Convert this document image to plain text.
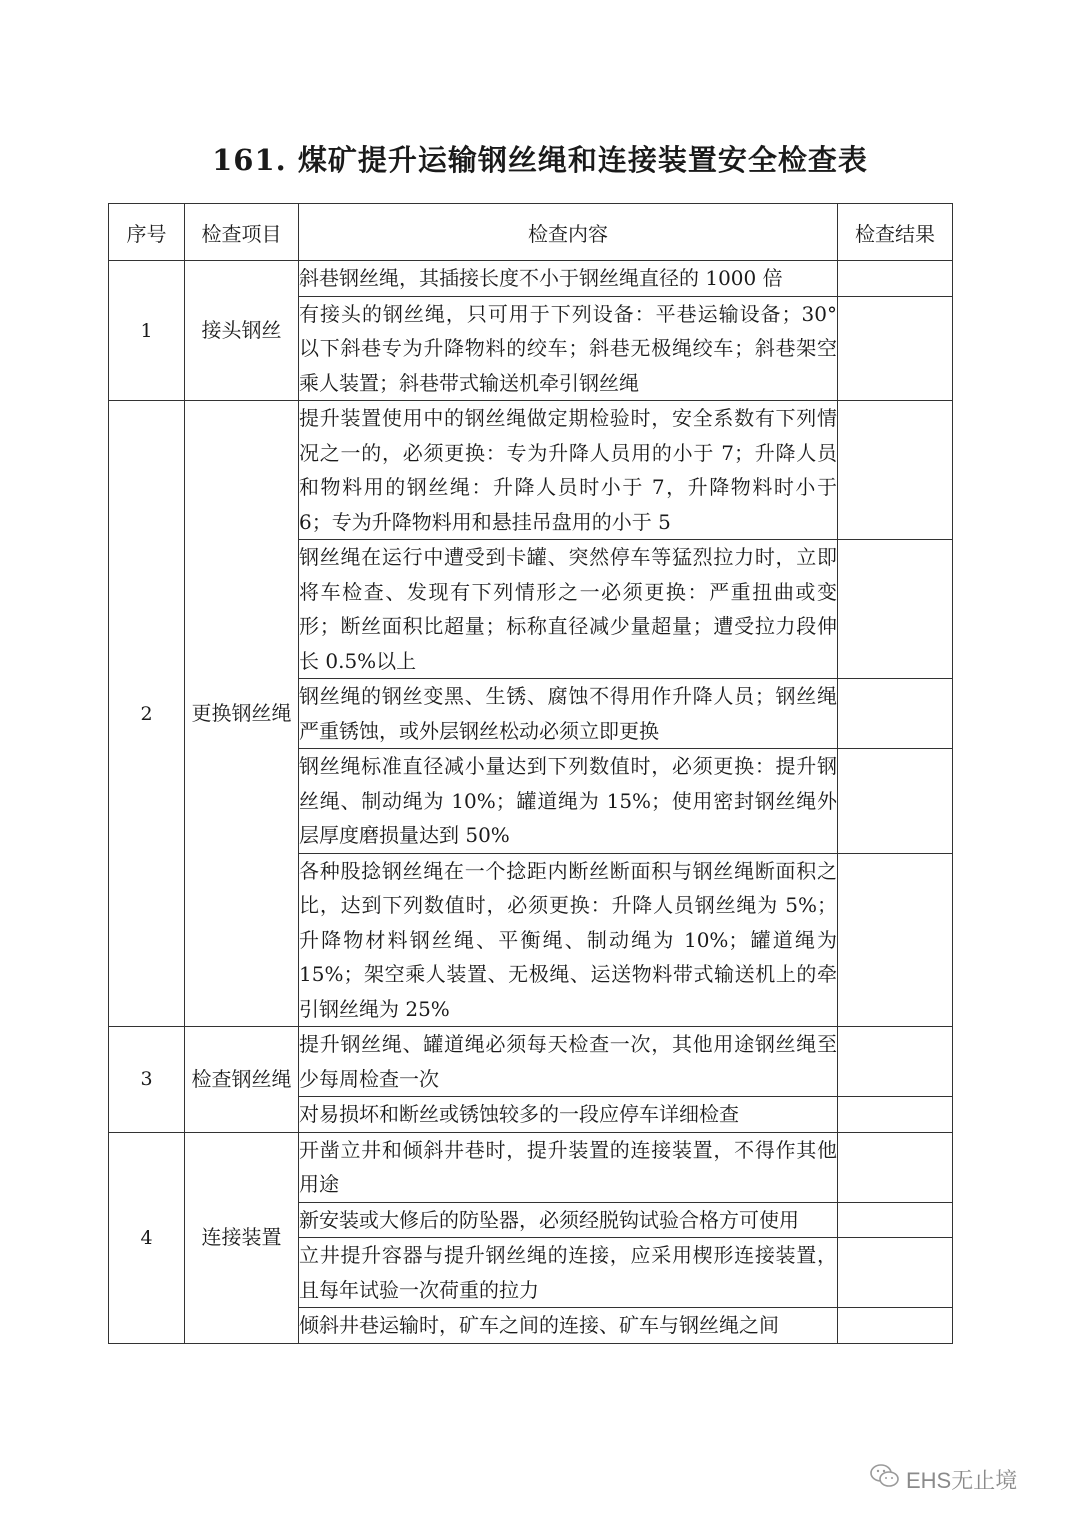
161. 煤矿提升运输钢丝绳和连接装置安全检查表
序号	检查项目	检查内容	检查结果
1	接头钢丝	斜巷钢丝绳，其插接长度不小于钢丝绳直径的 1000 倍	
		有接头的钢丝绳，只可用于下列设备：平巷运输设备；30° 以下斜巷专为升降物料的绞车；斜巷无极绳绞车；斜巷架空乘人装置；斜巷带式输送机牵引钢丝绳	
2	更换钢丝绳	提升装置使用中的钢丝绳做定期检验时，安全系数有下列情况之一的，必须更换：专为升降人员用的小于 7；升降人员和物料用的钢丝绳：升降人员时小于 7，升降物料时小于 6；专为升降物料用和悬挂吊盘用的小于 5	
		钢丝绳在运行中遭受到卡罐、突然停车等猛烈拉力时，立即将车检查、发现有下列情形之一必须更换：严重扭曲或变形；断丝面积比超量；标称直径减少量超量；遭受拉力段伸长 0.5%以上	
		钢丝绳的钢丝变黑、生锈、腐蚀不得用作升降人员；钢丝绳严重锈蚀，或外层钢丝松动必须立即更换	
		钢丝绳标准直径减小量达到下列数值时，必须更换：提升钢丝绳、制动绳为 10%；罐道绳为 15%；使用密封钢丝绳外层厚度磨损量达到 50%	
		各种股捻钢丝绳在一个捻距内断丝断面积与钢丝绳断面积之比，达到下列数值时，必须更换：升降人员钢丝绳为 5%；升降物材料钢丝绳、平衡绳、制动绳为 10%；罐道绳为 15%；架空乘人装置、无极绳、运送物料带式输送机上的牵引钢丝绳为 25%	
3	检查钢丝绳	提升钢丝绳、罐道绳必须每天检查一次，其他用途钢丝绳至少每周检查一次	
		对易损坏和断丝或锈蚀较多的一段应停车详细检查	
4	连接装置	开凿立井和倾斜井巷时，提升装置的连接装置，不得作其他用途	
		新安装或大修后的防坠器，必须经脱钩试验合格方可使用	
		立井提升容器与提升钢丝绳的连接，应采用楔形连接装置，且每年试验一次荷重的拉力	
		倾斜井巷运输时，矿车之间的连接、矿车与钢丝绳之间	
EHS无止境
